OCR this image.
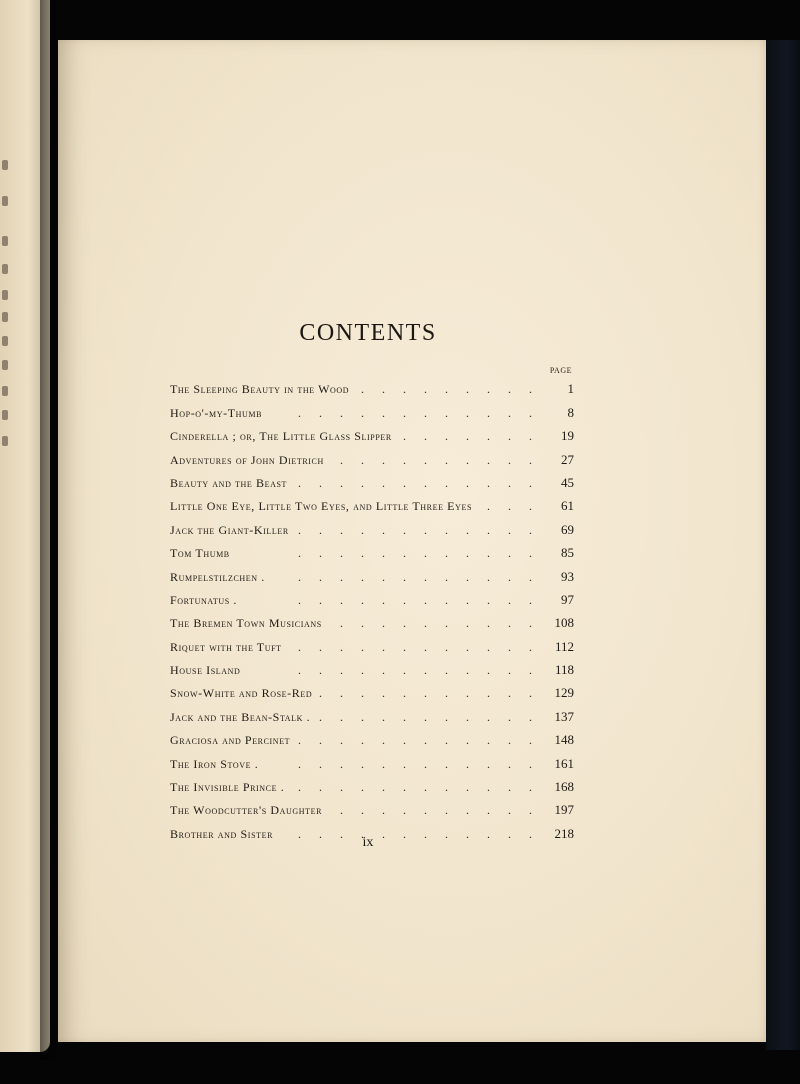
CONTENTS
PAGE
The Sleeping Beauty in the Wood .	1
Hop-o'-my-Thumb .	8
Cinderella ; or, The Little Glass Slipper .	19
Adventures of John Dietrich .	27
Beauty and the Beast .	45
Little One Eye, Little Two Eyes, and Little Three Eyes .	61
Jack the Giant-Killer .	69
Tom Thumb .	85
Rumpelstilzchen . .	93
Fortunatus . .	97
The Bremen Town Musicians .	108
Riquet with the Tuft .	112
House Island .	118
Snow-White and Rose-Red .	129
Jack and the Bean-Stalk . .	137
Graciosa and Percinet .	148
The Iron Stove . .	161
The Invisible Prince . .	168
The Woodcutter's Daughter .	197
Brother and Sister .	218
ix
